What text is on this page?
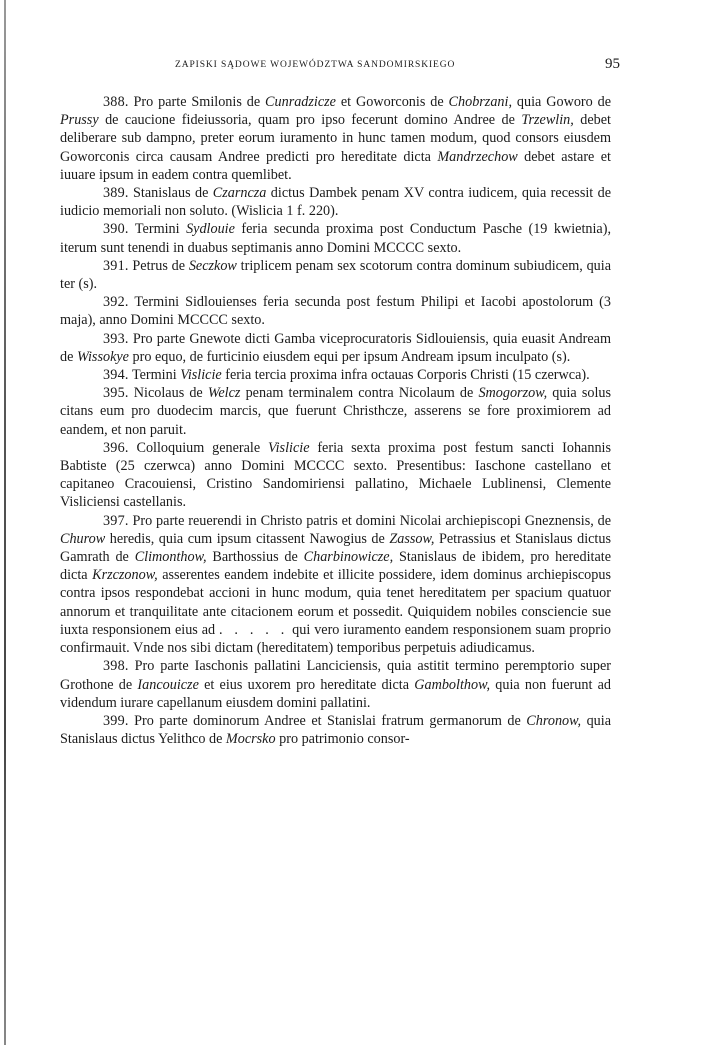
ZAPISKI SĄDOWE WOJEWÓDZTWA SANDOMIRSKIEGO	95

388. Pro parte Smilonis de Cunradzicze et Goworconis de Chobrzani, quia Goworo de Prussy de caucione fideiussoria, quam pro ipso fecerunt domino Andree de Trzewlin, debet deliberare sub dampno, preter eorum iuramento in hunc tamen modum, quod consors eiusdem Goworconis circa causam Andree predicti pro hereditate dicta Mandrzechow debet astare et iuuare ipsum in eadem contra quemlibet.

389. Stanislaus de Czarncza dictus Dambek penam XV contra iudicem, quia recessit de iudicio memoriali non soluto. (Wislicia 1 f. 220).

390. Termini Sydlouie feria secunda proxima post Conductum Pasche (19 kwietnia), iterum sunt tenendi in duabus septimanis anno Domini MCCCC sexto.

391. Petrus de Seczkow triplicem penam sex scotorum contra dominum subiudicem, quia ter (s).

392. Termini Sidlouienses feria secunda post festum Philipi et Iacobi apostolorum (3 maja), anno Domini MCCCC sexto.

393. Pro parte Gnewote dicti Gamba viceprocuratoris Sidlouiensis, quia euasit Andream de Wissokye pro equo, de furticinio eiusdem equi per ipsum Andream ipsum inculpato (s).

394. Termini Vislicie feria tercia proxima infra octauas Corporis Christi (15 czerwca).

395. Nicolaus de Welcz penam terminalem contra Nicolaum de Smogorzow, quia solus citans eum pro duodecim marcis, que fuerunt Christhcze, asserens se fore proximiorem ad eandem, et non paruit.

396. Colloquium generale Vislicie feria sexta proxima post festum sancti Iohannis Babtiste (25 czerwca) anno Domini MCCCC sexto. Presentibus: Iaschone castellano et capitaneo Cracouiensi, Cristino Sandomiriensi pallatino, Michaele Lublinensi, Clemente Visliciensi castellanis.

397. Pro parte reuerendi in Christo patris et domini Nicolai archiepiscopi Gneznensis, de Churow heredis, quia cum ipsum citassent Nawogius de Zassow, Petrassius et Stanislaus dictus Gamrath de Climonthow, Barthossius de Charbinowicze, Stanislaus de ibidem, pro hereditate dicta Krzczonow, asserentes eandem indebite et illicite possidere, idem dominus archiepiscopus contra ipsos respondebat accioni in hunc modum, quia tenet hereditatem per spacium quatuor annorum et tranquilitate ante citacionem eorum et possedit. Quiquidem nobiles consciencie sue iuxta responsionem eius ad . . . . . qui vero iuramento eandem responsionem suam proprio confirmauit. Vnde nos sibi dictam (hereditatem) temporibus perpetuis adiudicamus.

398. Pro parte Iaschonis pallatini Lanciciensis, quia astitit termino peremptorio super Grothone de Iancouicze et eius uxorem pro hereditate dicta Gambolthow, quia non fuerunt ad videndum iurare capellanum eiusdem domini pallatini.

399. Pro parte dominorum Andree et Stanislai fratrum germanorum de Chronow, quia Stanislaus dictus Yelithco de Mocrsko pro patrimonio consor-
